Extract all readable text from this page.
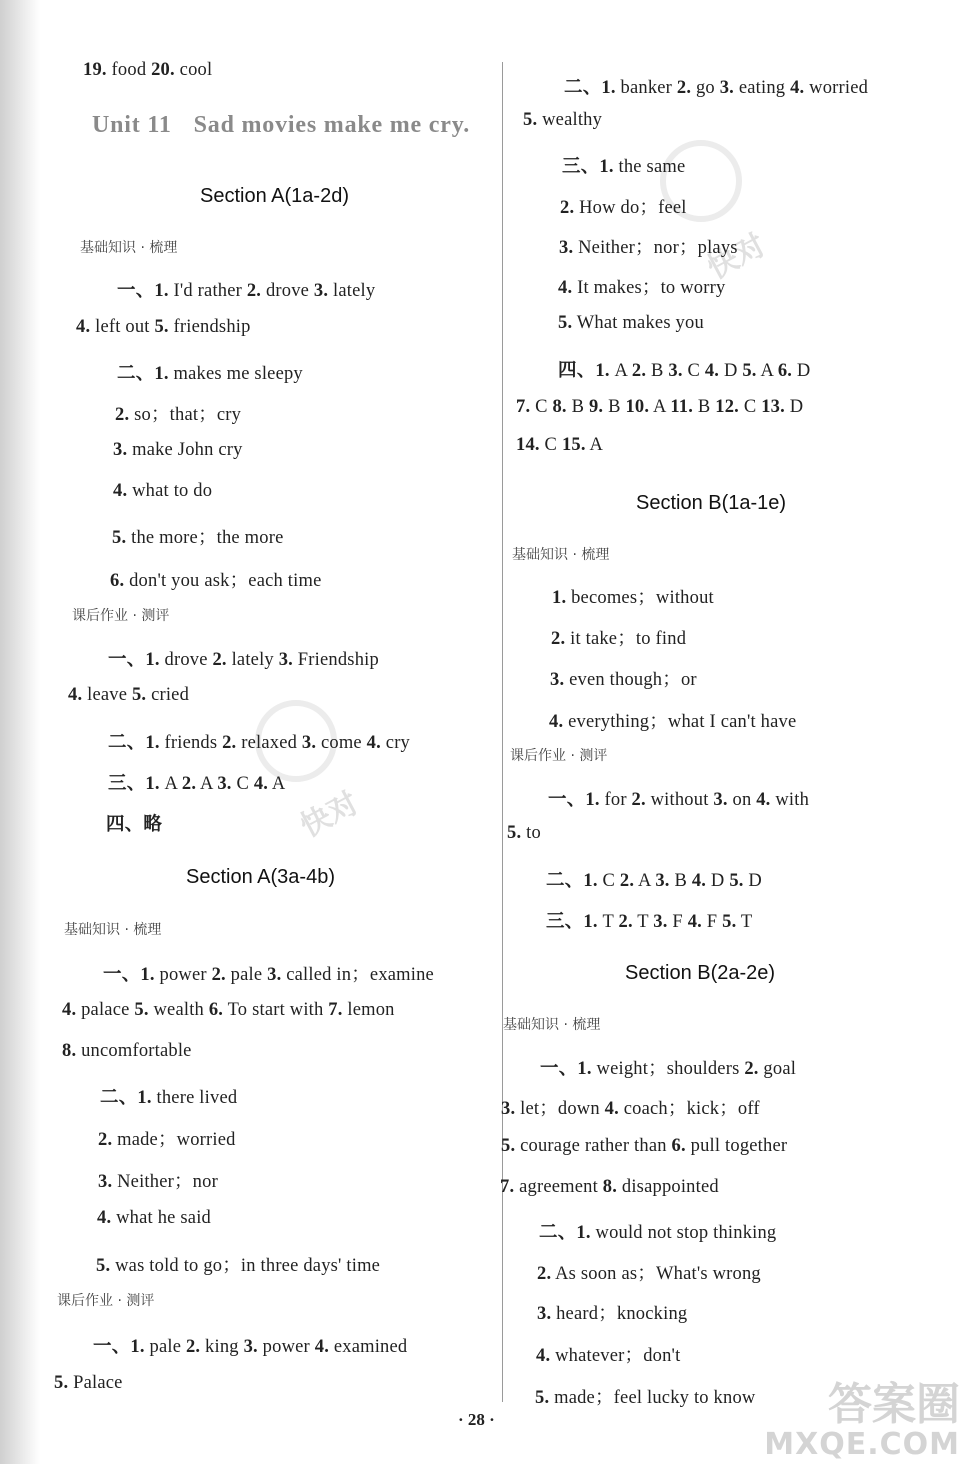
快对
快对
19. food 20. cool
Unit 11 Sad movies make me cry.
Section A(1a-2d)
基础知识 · 梳理
一、1. I'd rather 2. drove 3. lately
4. left out 5. friendship
二、1. makes me sleepy
2. so；that；cry
3. make John cry
4. what to do
5. the more；the more
6. don't you ask；each time
课后作业 · 测评
一、1. drove 2. lately 3. Friendship
4. leave 5. cried
二、1. friends 2. relaxed 3. come 4. cry
三、1. A 2. A 3. C 4. A
四、略
Section A(3a-4b)
基础知识 · 梳理
一、1. power 2. pale 3. called in；examine
4. palace 5. wealth 6. To start with 7. lemon
8. uncomfortable
二、1. there lived
2. made；worried
3. Neither；nor
4. what he said
5. was told to go；in three days' time
课后作业 · 测评
一、1. pale 2. king 3. power 4. examined
5. Palace
二、1. banker 2. go 3. eating 4. worried
5. wealthy
三、1. the same
2. How do；feel
3. Neither；nor；plays
4. It makes；to worry
5. What makes you
四、1. A 2. B 3. C 4. D 5. A 6. D
7. C 8. B 9. B 10. A 11. B 12. C 13. D
14. C 15. A
Section B(1a-1e)
基础知识 · 梳理
1. becomes；without
2. it take；to find
3. even though；or
4. everything；what I can't have
课后作业 · 测评
一、1. for 2. without 3. on 4. with
5. to
二、1. C 2. A 3. B 4. D 5. D
三、1. T 2. T 3. F 4. F 5. T
Section B(2a-2e)
基础知识 · 梳理
一、1. weight；shoulders 2. goal
3. let；down 4. coach；kick；off
5. courage rather than 6. pull together
7. agreement 8. disappointed
二、1. would not stop thinking
2. As soon as；What's wrong
3. heard；knocking
4. whatever；don't
5. made；feel lucky to know
· 28 ·	答案圈
MXQE.COM
